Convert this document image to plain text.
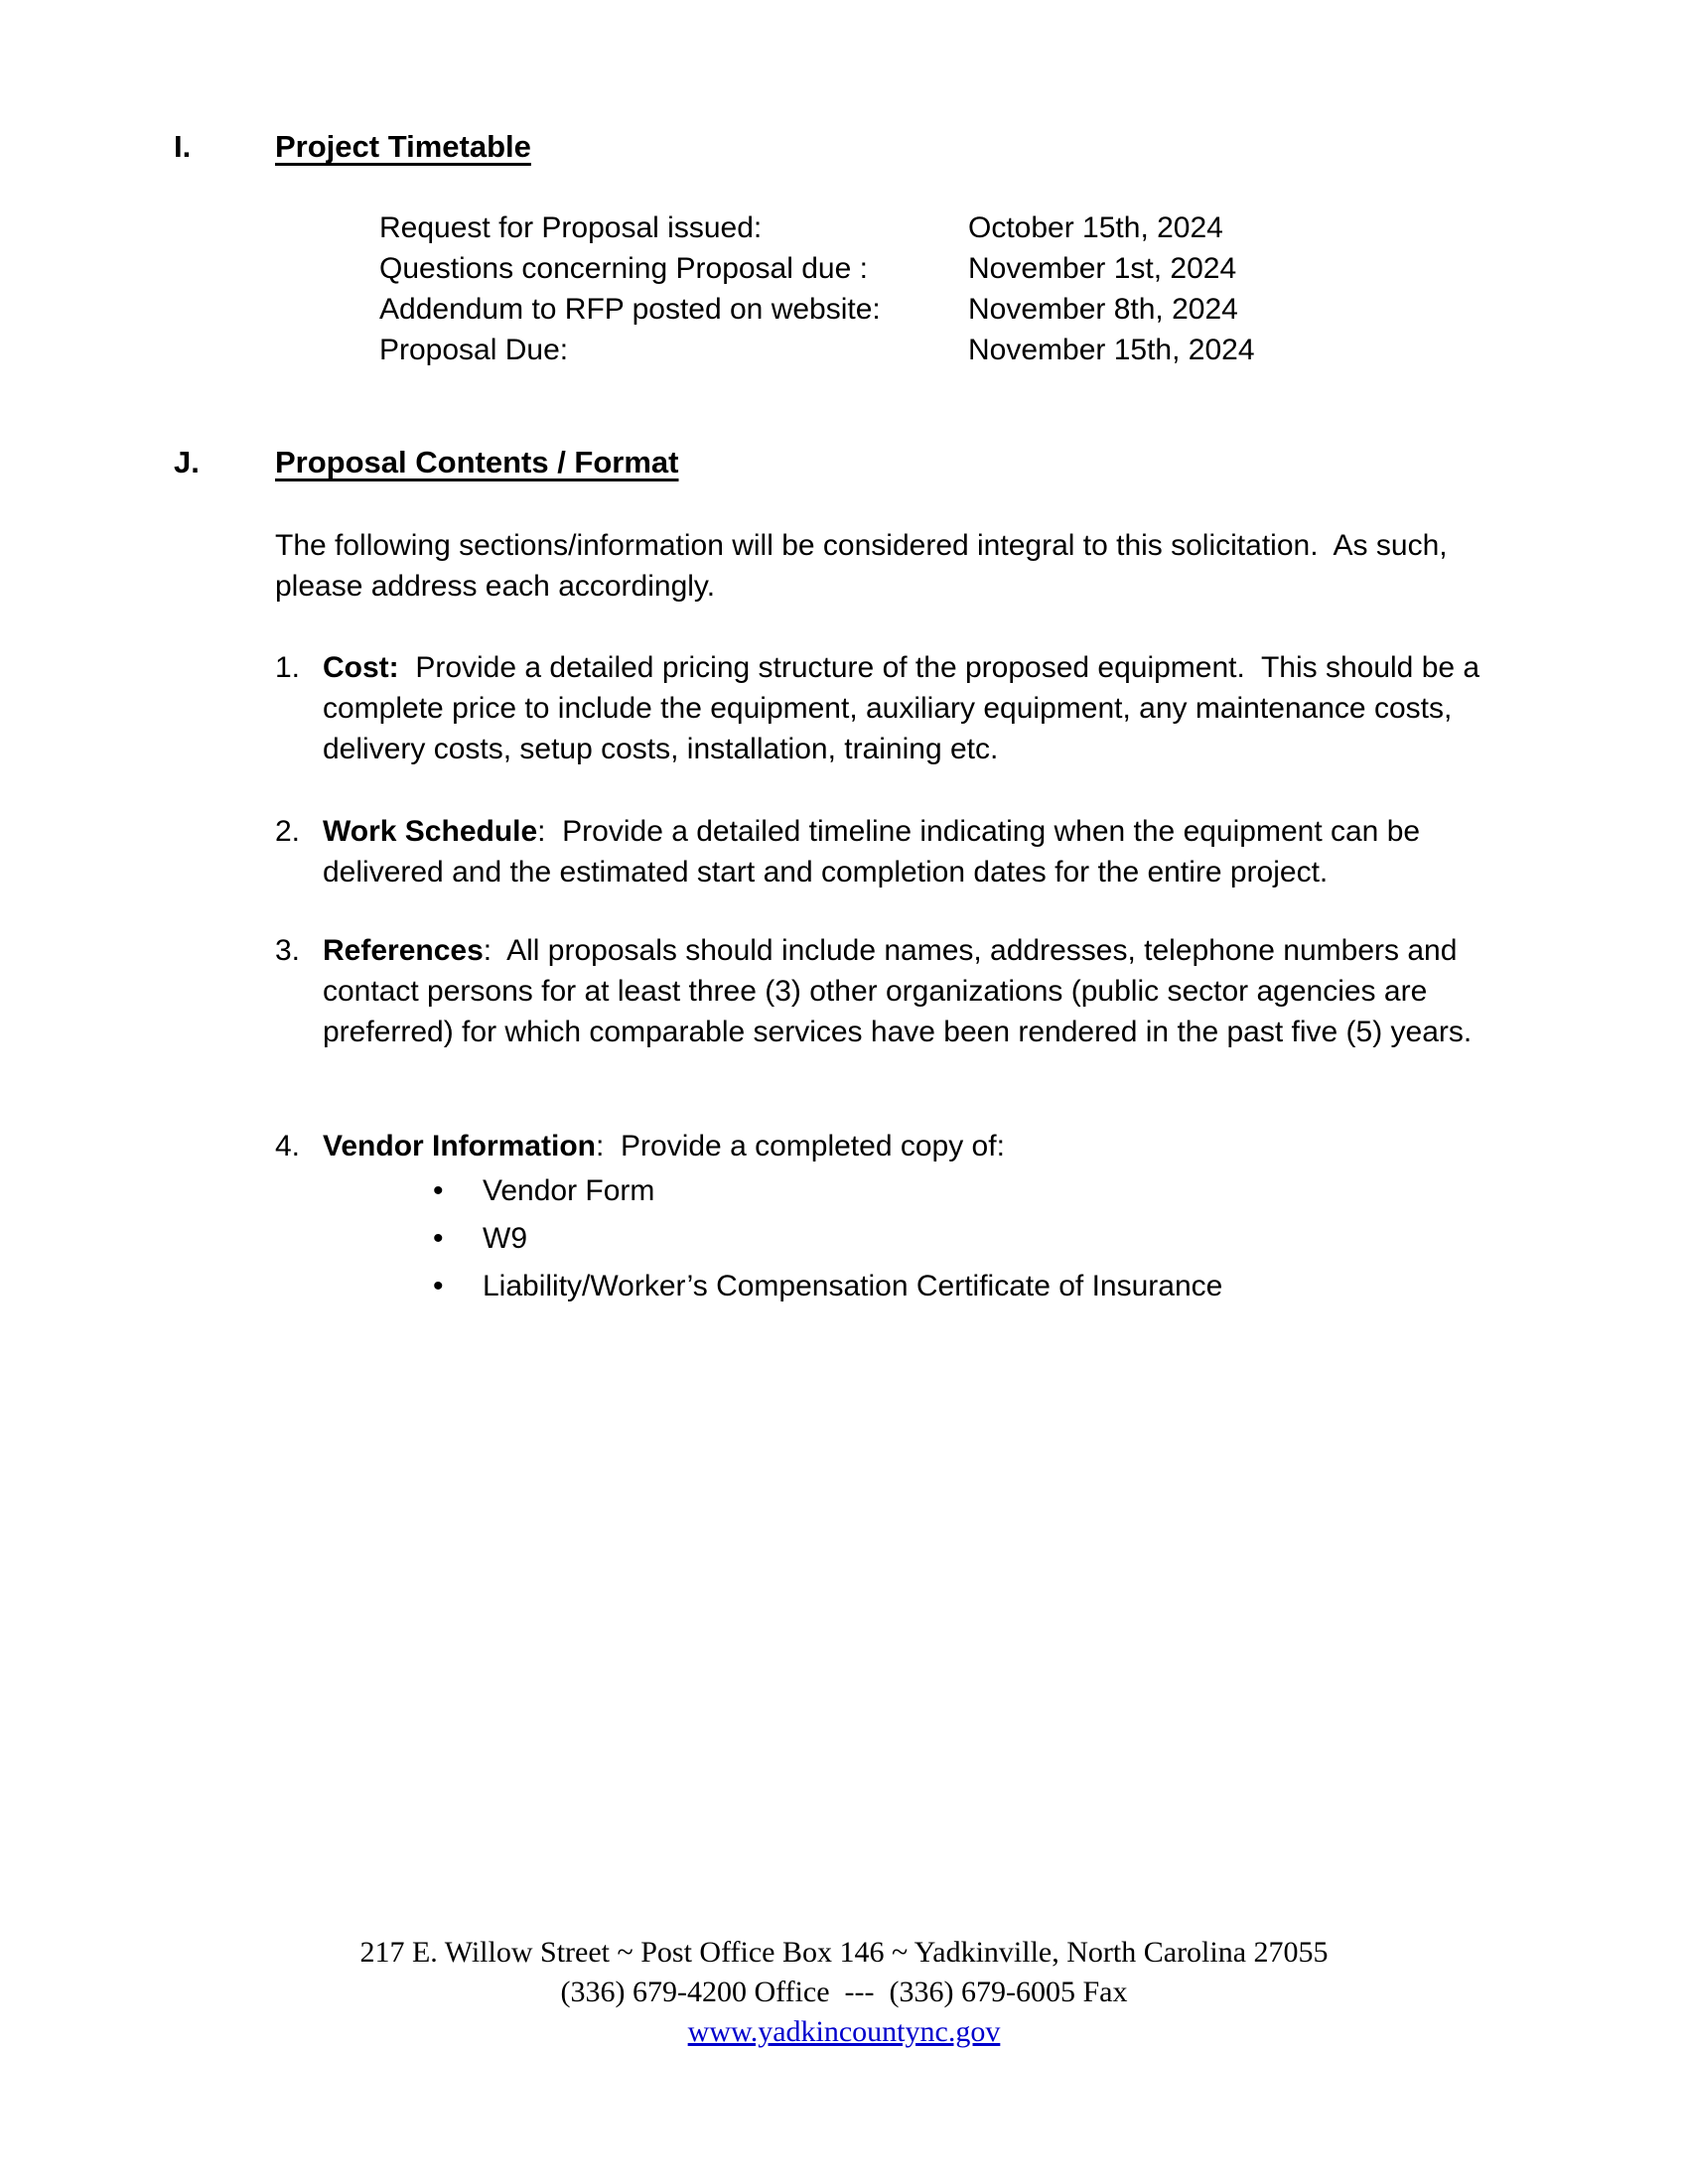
I.	Project Timetable
Request for Proposal issued:	October 15th, 2024
Questions concerning Proposal due :	November 1st, 2024
Addendum to RFP posted on website:	November 8th, 2024
Proposal Due:	November 15th, 2024
J.	Proposal Contents / Format
The following sections/information will be considered integral to this solicitation.  As such,
please address each accordingly.
1. Cost:  Provide a detailed pricing structure of the proposed equipment.  This should be a
complete price to include the equipment, auxiliary equipment, any maintenance costs,
delivery costs, setup costs, installation, training etc.
2. Work Schedule:  Provide a detailed timeline indicating when the equipment can be
delivered and the estimated start and completion dates for the entire project.
3. References:  All proposals should include names, addresses, telephone numbers and
contact persons for at least three (3) other organizations (public sector agencies are
preferred) for which comparable services have been rendered in the past five (5) years.
4. Vendor Information:  Provide a completed copy of:
•	Vendor Form
•	W9
•	Liability/Worker’s Compensation Certificate of Insurance
217 E. Willow Street ~ Post Office Box 146 ~ Yadkinville, North Carolina 27055
(336) 679-4200 Office  ---  (336) 679-6005 Fax
www.yadkincountync.gov
